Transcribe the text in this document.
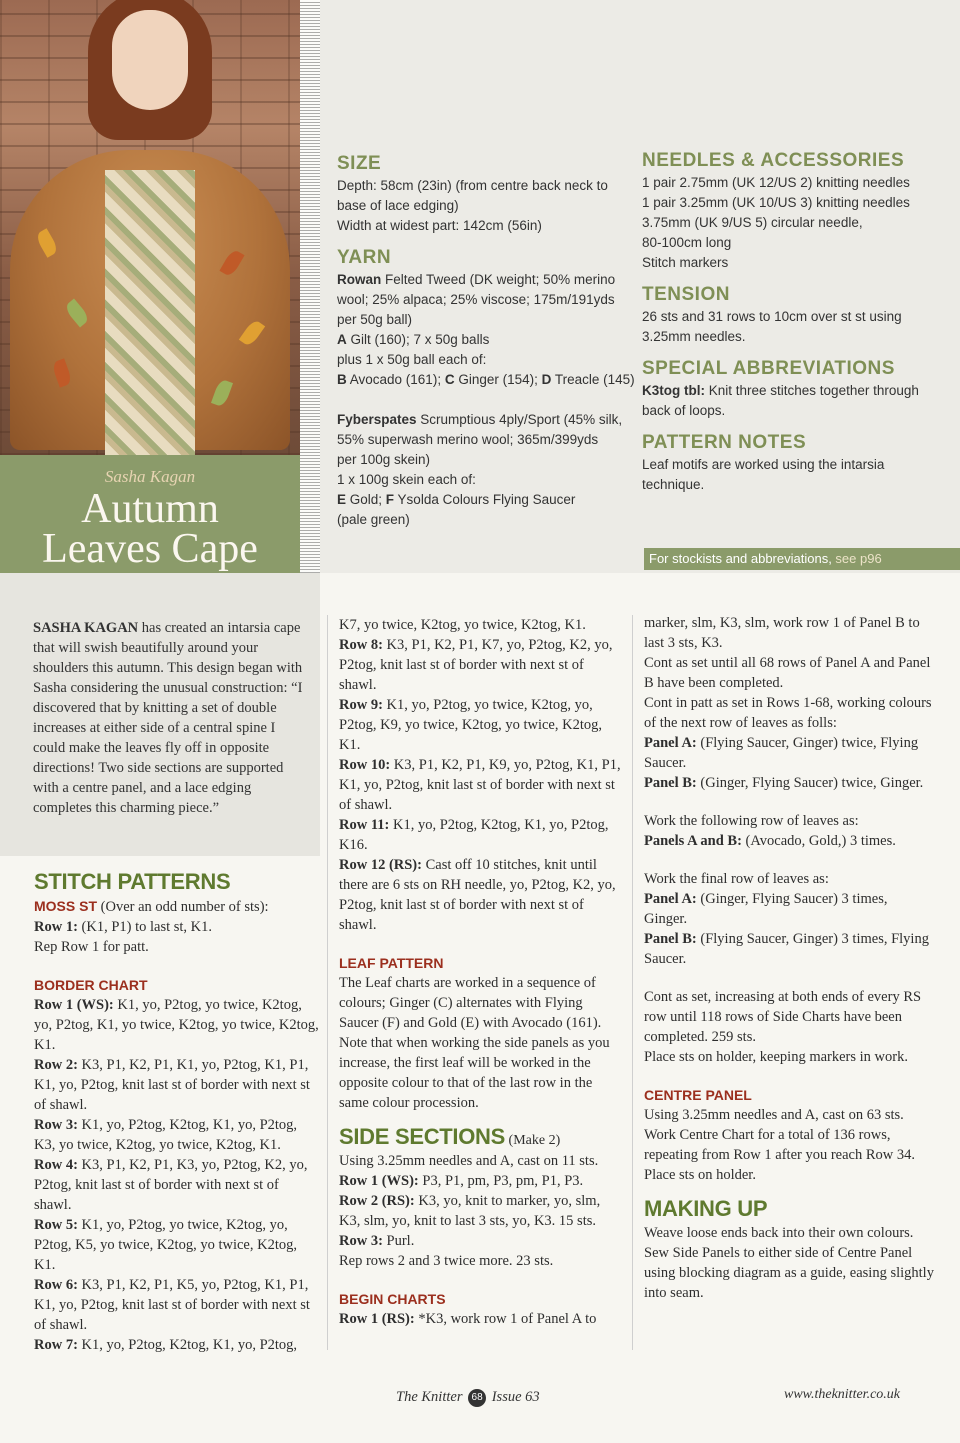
Sasha Kagan
Autumn
Leaves Cape
SIZE
Depth: 58cm (23in) (from centre back neck to
base of lace edging)
Width at widest part: 142cm (56in)
YARN
Rowan Felted Tweed (DK weight; 50% merino
wool; 25% alpaca; 25% viscose; 175m/191yds
per 50g ball)
A Gilt (160); 7 x 50g balls
plus 1 x 50g ball each of:
B Avocado (161); C Ginger (154); D Treacle (145)
Fyberspates Scrumptious 4ply/Sport (45% silk,
55% superwash merino wool; 365m/399yds
per 100g skein)
1 x 100g skein each of:
E Gold; F Ysolda Colours Flying Saucer
(pale green)
NEEDLES & ACCESSORIES
1 pair 2.75mm (UK 12/US 2) knitting needles
1 pair 3.25mm (UK 10/US 3) knitting needles
3.75mm (UK 9/US 5) circular needle,
80-100cm long
Stitch markers
TENSION
26 sts and 31 rows to 10cm over st st using
3.25mm needles.
SPECIAL ABBREVIATIONS
K3tog tbl: Knit three stitches together through
back of loops.
PATTERN NOTES
Leaf motifs are worked using the intarsia
technique.
For stockists and abbreviations, see p96

SASHA KAGAN has created an intarsia cape that will swish beautifully around your shoulders this autumn. This design began with Sasha considering the unusual construction: “I discovered that by knitting a set of double increases at either side of a central spine I could make the leaves fly off in opposite directions! Two side sections are supported with a centre panel, and a lace edging completes this charming piece.”

STITCH PATTERNS

MOSS ST (Over an odd number of sts):

Row 1: (K1, P1) to last st, K1.

Rep Row 1 for patt.

BORDER CHART

Row 1 (WS): K1, yo, P2tog, yo twice, K2tog, yo, P2tog, K1, yo twice, K2tog, yo twice, K2tog, K1.

Row 2: K3, P1, K2, P1, K1, yo, P2tog, K1, P1, K1, yo, P2tog, knit last st of border with next st of shawl.

Row 3: K1, yo, P2tog, K2tog, K1, yo, P2tog, K3, yo twice, K2tog, yo twice, K2tog, K1.

Row 4: K3, P1, K2, P1, K3, yo, P2tog, K2, yo, P2tog, knit last st of border with next st of shawl.

Row 5: K1, yo, P2tog, yo twice, K2tog, yo, P2tog, K5, yo twice, K2tog, yo twice, K2tog, K1.

Row 6: K3, P1, K2, P1, K5, yo, P2tog, K1, P1, K1, yo, P2tog, knit last st of border with next st of shawl.

Row 7: K1, yo, P2tog, K2tog, K1, yo, P2tog,

K7, yo twice, K2tog, yo twice, K2tog, K1.

Row 8: K3, P1, K2, P1, K7, yo, P2tog, K2, yo, P2tog, knit last st of border with next st of shawl.

Row 9: K1, yo, P2tog, yo twice, K2tog, yo, P2tog, K9, yo twice, K2tog, yo twice, K2tog, K1.

Row 10: K3, P1, K2, P1, K9, yo, P2tog, K1, P1, K1, yo, P2tog, knit last st of border with next st of shawl.

Row 11: K1, yo, P2tog, K2tog, K1, yo, P2tog, K16.

Row 12 (RS): Cast off 10 stitches, knit until there are 6 sts on RH needle, yo, P2tog, K2, yo, P2tog, knit last st of border with next st of shawl.

LEAF PATTERN

The Leaf charts are worked in a sequence of colours; Ginger (C) alternates with Flying Saucer (F) and Gold (E) with Avocado (161). Note that when working the side panels as you increase, the first leaf will be worked in the opposite colour to that of the last row in the same colour procession.

SIDE SECTIONS (Make 2)

Using 3.25mm needles and A, cast on 11 sts.

Row 1 (WS): P3, P1, pm, P3, pm, P1, P3.

Row 2 (RS): K3, yo, knit to marker, yo, slm, K3, slm, yo, knit to last 3 sts, yo, K3. 15 sts.

Row 3: Purl.

Rep rows 2 and 3 twice more. 23 sts.

BEGIN CHARTS

Row 1 (RS): *K3, work row 1 of Panel A to

marker, slm, K3, slm, work row 1 of Panel B to last 3 sts, K3.

Cont as set until all 68 rows of Panel A and Panel B have been completed.

Cont in patt as set in Rows 1-68, working colours of the next row of leaves as folls:

Panel A: (Flying Saucer, Ginger) twice, Flying Saucer.

Panel B: (Ginger, Flying Saucer) twice, Ginger.

Work the following row of leaves as:

Panels A and B: (Avocado, Gold,) 3 times.

Work the final row of leaves as:

Panel A: (Ginger, Flying Saucer) 3 times, Ginger.

Panel B: (Flying Saucer, Ginger) 3 times, Flying Saucer.

Cont as set, increasing at both ends of every RS row until 118 rows of Side Charts have been completed. 259 sts.

Place sts on holder, keeping markers in work.

CENTRE PANEL

Using 3.25mm needles and A, cast on 63 sts. Work Centre Chart for a total of 136 rows, repeating from Row 1 after you reach Row 34. Place sts on holder.

MAKING UP

Weave loose ends back into their own colours. Sew Side Panels to either side of Centre Panel using blocking diagram as a guide, easing slightly into seam.

The Knitter 68 Issue 63	www.theknitter.co.uk
